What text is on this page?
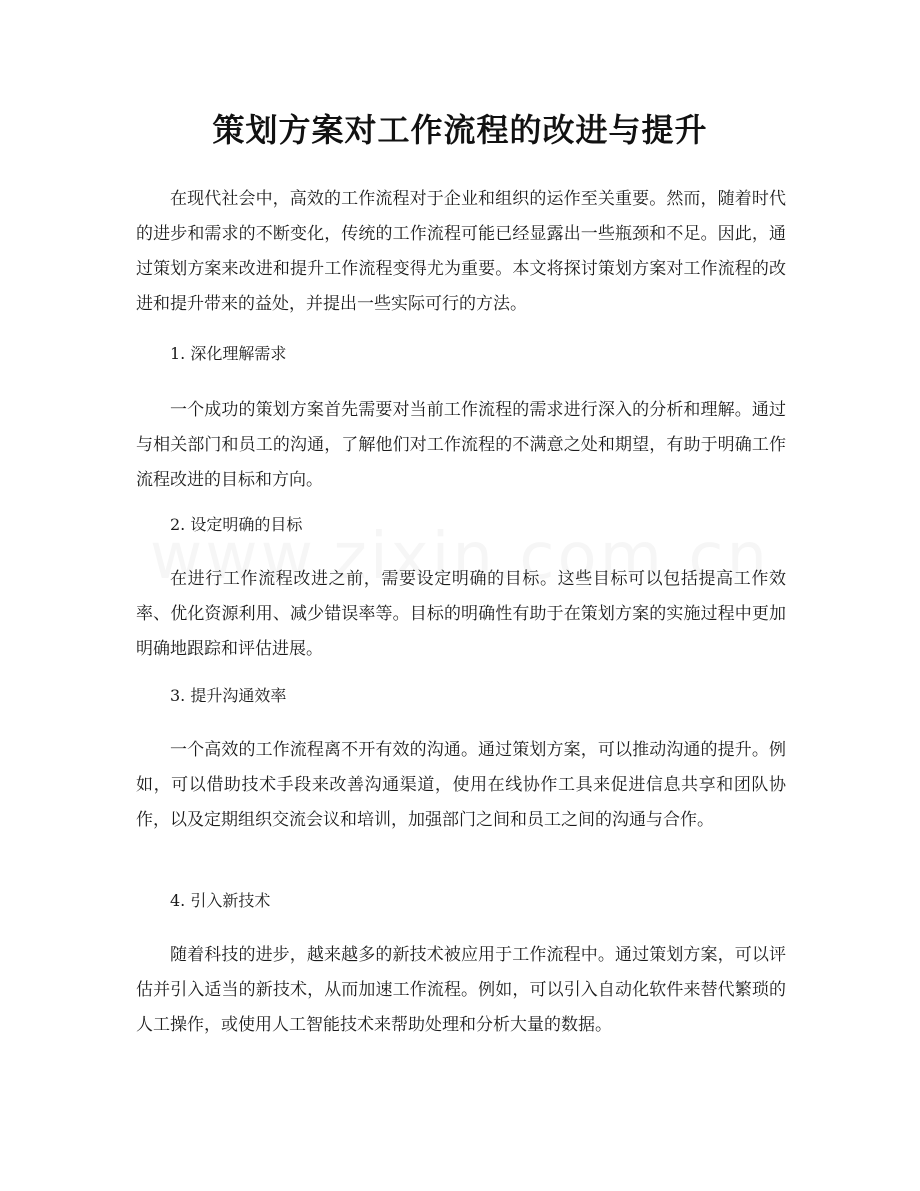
策划方案对工作流程的改进与提升

在现代社会中，高效的工作流程对于企业和组织的运作至关重要。然而，随着时代的进步和需求的不断变化，传统的工作流程可能已经显露出一些瓶颈和不足。因此，通过策划方案来改进和提升工作流程变得尤为重要。本文将探讨策划方案对工作流程的改进和提升带来的益处，并提出一些实际可行的方法。

1. 深化理解需求

一个成功的策划方案首先需要对当前工作流程的需求进行深入的分析和理解。通过与相关部门和员工的沟通，了解他们对工作流程的不满意之处和期望，有助于明确工作流程改进的目标和方向。

2. 设定明确的目标

在进行工作流程改进之前，需要设定明确的目标。这些目标可以包括提高工作效率、优化资源利用、减少错误率等。目标的明确性有助于在策划方案的实施过程中更加明确地跟踪和评估进展。

3. 提升沟通效率

一个高效的工作流程离不开有效的沟通。通过策划方案，可以推动沟通的提升。例如，可以借助技术手段来改善沟通渠道，使用在线协作工具来促进信息共享和团队协作，以及定期组织交流会议和培训，加强部门之间和员工之间的沟通与合作。

4. 引入新技术

随着科技的进步，越来越多的新技术被应用于工作流程中。通过策划方案，可以评估并引入适当的新技术，从而加速工作流程。例如，可以引入自动化软件来替代繁琐的人工操作，或使用人工智能技术来帮助处理和分析大量的数据。
